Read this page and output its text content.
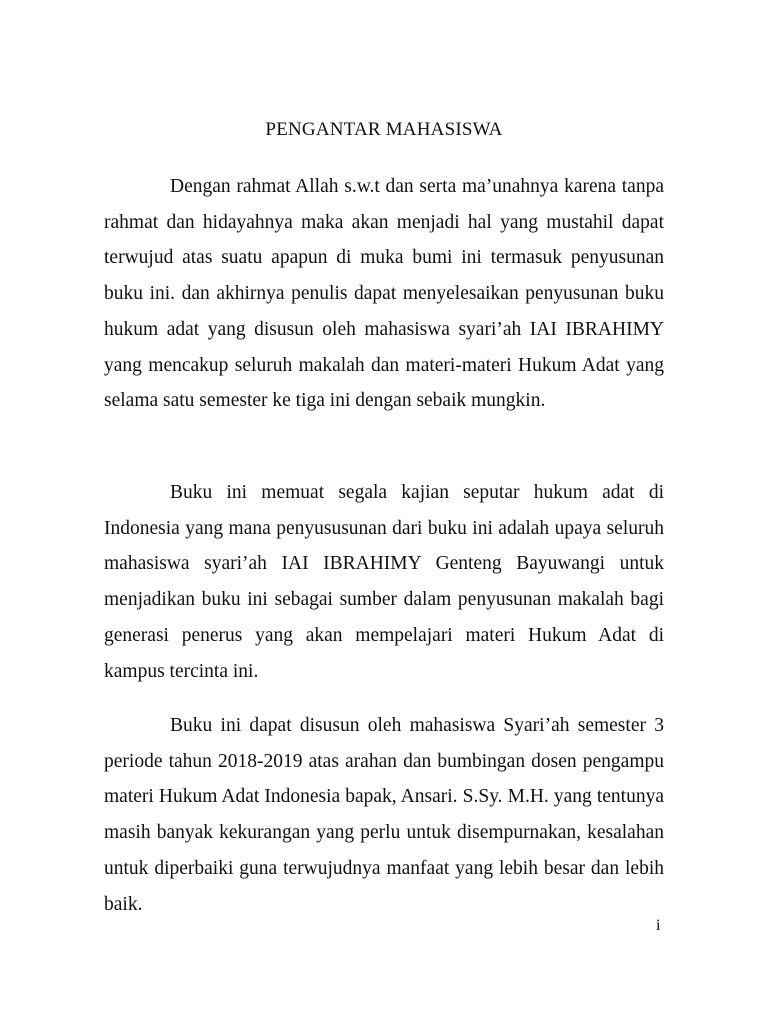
PENGANTAR MAHASISWA

Dengan rahmat Allah s.w.t dan serta ma’unahnya karena tanpa rahmat dan hidayahnya maka akan menjadi hal yang mustahil dapat terwujud atas suatu apapun di muka bumi ini termasuk penyusunan buku ini. dan akhirnya penulis dapat menyelesaikan penyusunan buku hukum adat yang disusun oleh mahasiswa syari’ah IAI IBRAHIMY yang mencakup seluruh makalah dan materi-materi Hukum Adat yang selama satu semester ke tiga ini dengan sebaik mungkin.

Buku ini memuat segala kajian seputar hukum adat di Indonesia yang mana penyususunan dari buku ini adalah upaya seluruh mahasiswa syari’ah IAI IBRAHIMY Genteng Bayuwangi untuk menjadikan buku ini sebagai sumber dalam penyusunan makalah bagi generasi penerus yang akan mempelajari materi Hukum Adat di kampus tercinta ini.

Buku ini dapat disusun oleh mahasiswa Syari’ah semester 3 periode tahun 2018-2019 atas arahan dan bumbingan dosen pengampu materi Hukum Adat Indonesia bapak, Ansari. S.Sy. M.H. yang tentunya masih banyak kekurangan yang perlu untuk disempurnakan, kesalahan untuk diperbaiki guna terwujudnya manfaat yang lebih besar dan lebih baik.

i
